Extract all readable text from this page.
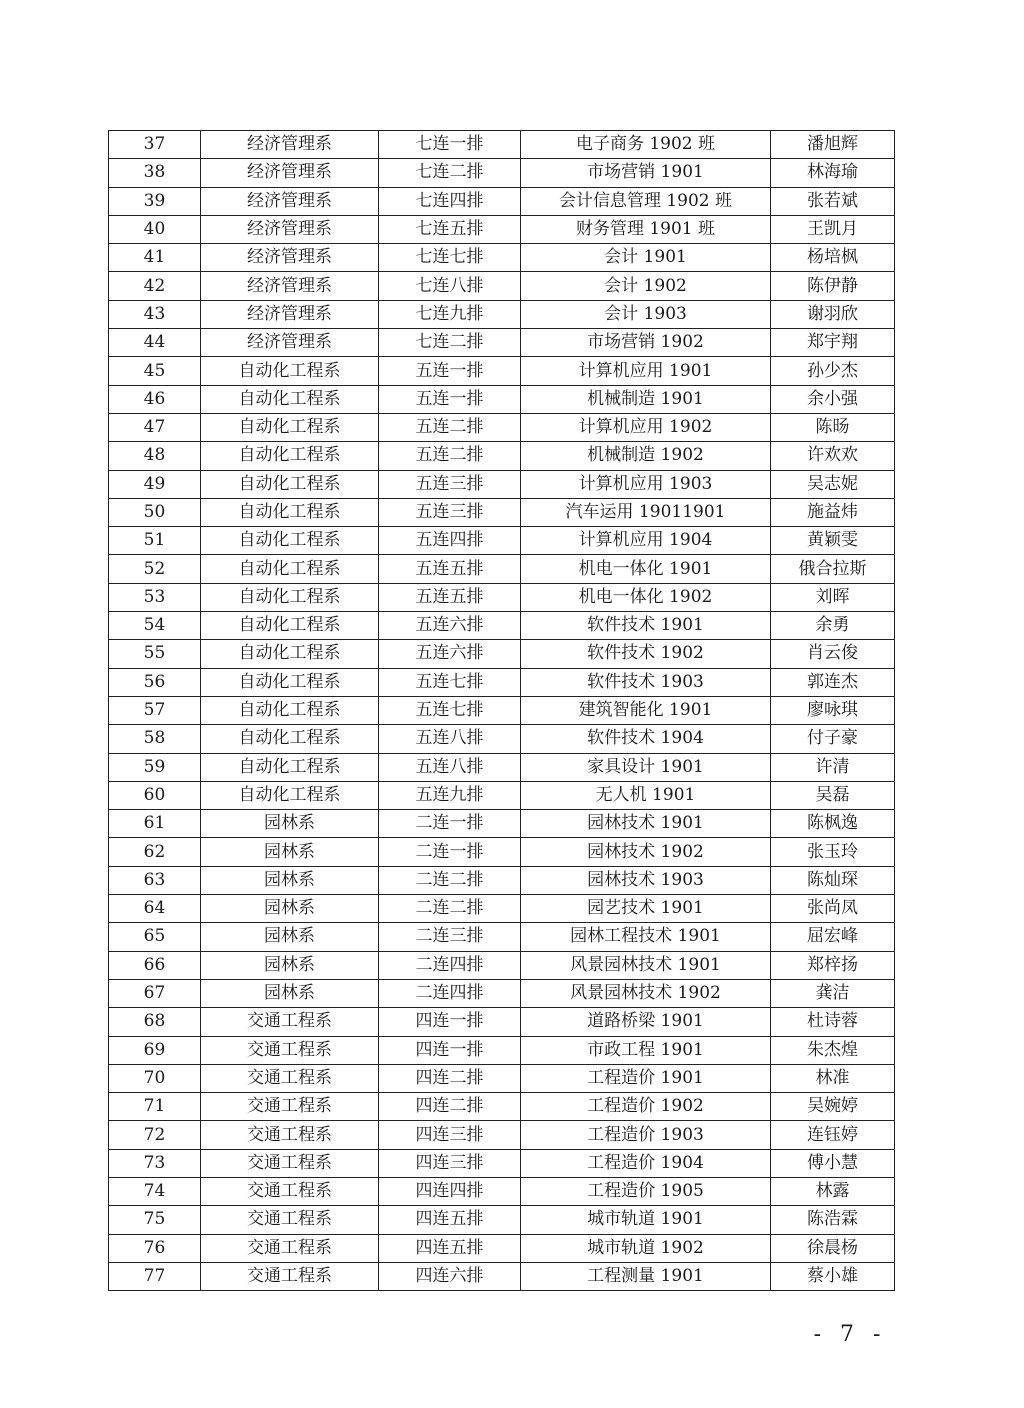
37	经济管理系	七连一排	电子商务 1902 班	潘旭辉
38	经济管理系	七连二排	市场营销 1901	林海瑜
39	经济管理系	七连四排	会计信息管理 1902 班	张若斌
40	经济管理系	七连五排	财务管理 1901 班	王凯月
41	经济管理系	七连七排	会计 1901	杨培枫
42	经济管理系	七连八排	会计 1902	陈伊静
43	经济管理系	七连九排	会计 1903	谢羽欣
44	经济管理系	七连二排	市场营销 1902	郑宇翔
45	自动化工程系	五连一排	计算机应用 1901	孙少杰
46	自动化工程系	五连一排	机械制造 1901	余小强
47	自动化工程系	五连二排	计算机应用 1902	陈旸
48	自动化工程系	五连二排	机械制造 1902	许欢欢
49	自动化工程系	五连三排	计算机应用 1903	吴志妮
50	自动化工程系	五连三排	汽车运用 19011901	施益炜
51	自动化工程系	五连四排	计算机应用 1904	黄颖雯
52	自动化工程系	五连五排	机电一体化 1901	俄合拉斯
53	自动化工程系	五连五排	机电一体化 1902	刘晖
54	自动化工程系	五连六排	软件技术 1901	余勇
55	自动化工程系	五连六排	软件技术 1902	肖云俊
56	自动化工程系	五连七排	软件技术 1903	郭连杰
57	自动化工程系	五连七排	建筑智能化 1901	廖咏琪
58	自动化工程系	五连八排	软件技术 1904	付子豪
59	自动化工程系	五连八排	家具设计 1901	许清
60	自动化工程系	五连九排	无人机 1901	吴磊
61	园林系	二连一排	园林技术 1901	陈枫逸
62	园林系	二连一排	园林技术 1902	张玉玲
63	园林系	二连二排	园林技术 1903	陈灿琛
64	园林系	二连二排	园艺技术 1901	张尚凤
65	园林系	二连三排	园林工程技术 1901	屈宏峰
66	园林系	二连四排	风景园林技术 1901	郑梓扬
67	园林系	二连四排	风景园林技术 1902	龚洁
68	交通工程系	四连一排	道路桥梁 1901	杜诗蓉
69	交通工程系	四连一排	市政工程 1901	朱杰煌
70	交通工程系	四连二排	工程造价 1901	林准
71	交通工程系	四连二排	工程造价 1902	吴婉婷
72	交通工程系	四连三排	工程造价 1903	连钰婷
73	交通工程系	四连三排	工程造价 1904	傅小慧
74	交通工程系	四连四排	工程造价 1905	林露
75	交通工程系	四连五排	城市轨道 1901	陈浩霖
76	交通工程系	四连五排	城市轨道 1902	徐晨杨
77	交通工程系	四连六排	工程测量 1901	蔡小雄
- 7 -
